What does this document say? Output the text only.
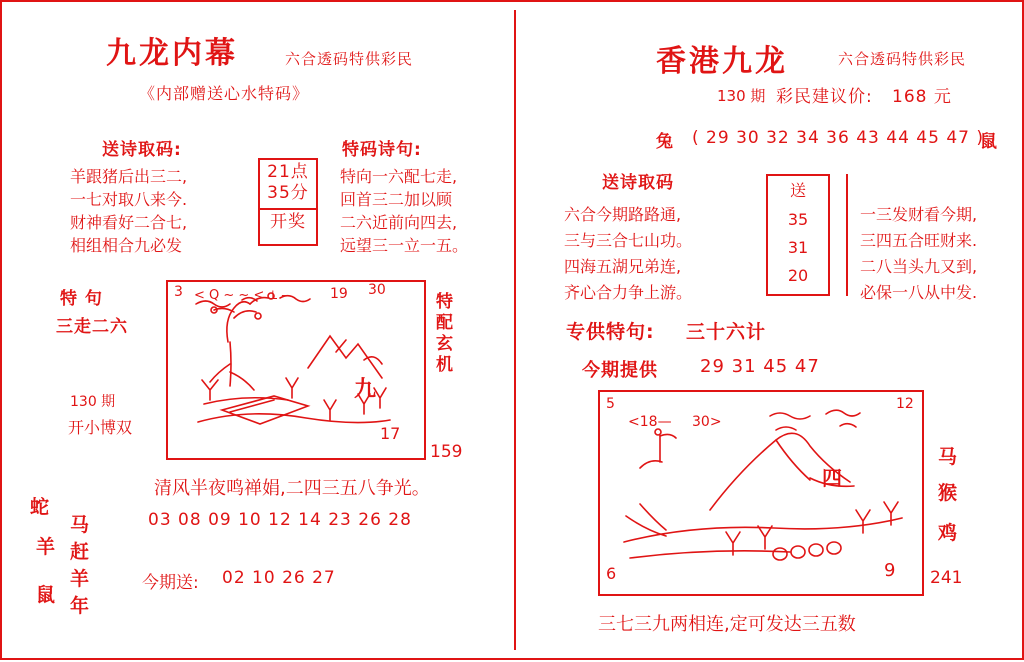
九龙内幕	六合透码特供彩民
《内部赠送心水特码》
送诗取码:
羊跟猪后出三二,
一七对取八来今.
财神看好二合七,
相组相合九必发
21点
35分
开奖
特码诗句:
特向一六配七走,
回首三二加以顾
二六近前向四去,
远望三一立一五。
特 句
三走二六
130 期
开小博双
蛇
羊
鼠
马
赶
羊
年
3	19 30
九
17
< Q ~ ~ < ⟂ ‒	特配玄机
159
清风半夜鸣禅娟,二四三五八争光。
03 08 09 10 12 14 23 26 28
今期送: 02 10 26 27
香港九龙	六合透码特供彩民
130 期 彩民建议价: 168 元
兔 ( 29 30 32 34 36 43 44 45 47 )
鼠
送诗取码
六合今期路路通,
三与三合七山功。
四海五湖兄弟连,
齐心合力争上游。
送
35
31
20
一三发财看今期,
三四五合旺财来.
二八当头九又到,
必保一八从中发.
专供特句: 三十六计
今期提供 29 31 45 47
5
<18— 30>
12
四
6	9
马
猴
鸡
241
三七三九两相连,定可发达三五数
